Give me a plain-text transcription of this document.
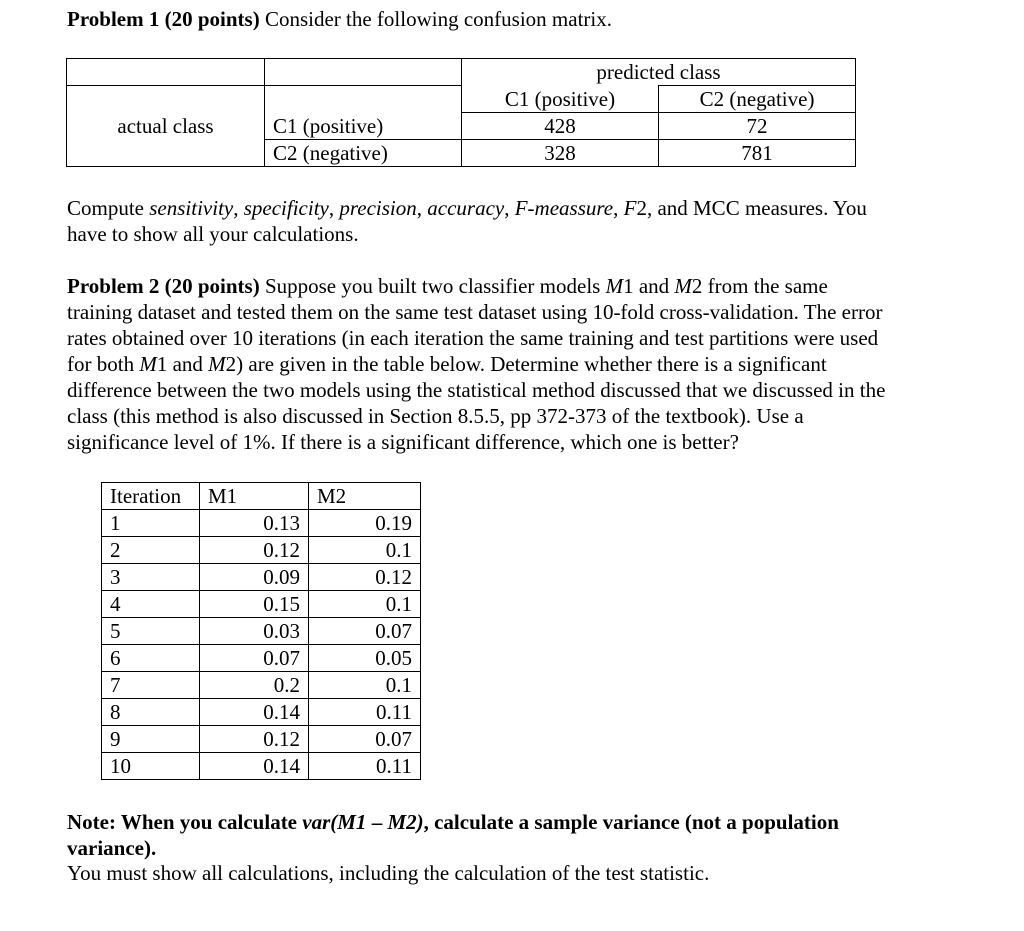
Problem 1 (20 points) Consider the following confusion matrix.

		predicted class	
actual class		C1 (positive)	C2 (negative)
	C1 (positive)	428	72
	C2 (negative)	328	781

Compute sensitivity, specificity, precision, accuracy, F-meassure, F2, and MCC measures. You

have to show all your calculations.

Problem 2 (20 points) Suppose you built two classifier models M1 and M2 from the same

training dataset and tested them on the same test dataset using 10-fold cross-validation. The error

rates obtained over 10 iterations (in each iteration the same training and test partitions were used

for both M1 and M2) are given in the table below. Determine whether there is a significant

difference between the two models using the statistical method discussed that we discussed in the

class (this method is also discussed in Section 8.5.5, pp 372-373 of the textbook). Use a

significance level of 1%. If there is a significant difference, which one is better?

Iteration	M1	M2
1	0.13	0.19
2	0.12	0.1
3	0.09	0.12
4	0.15	0.1
5	0.03	0.07
6	0.07	0.05
7	0.2	0.1
8	0.14	0.11
9	0.12	0.07
10	0.14	0.11

Note: When you calculate var(M1 – M2), calculate a sample variance (not a population

variance).

You must show all calculations, including the calculation of the test statistic.
